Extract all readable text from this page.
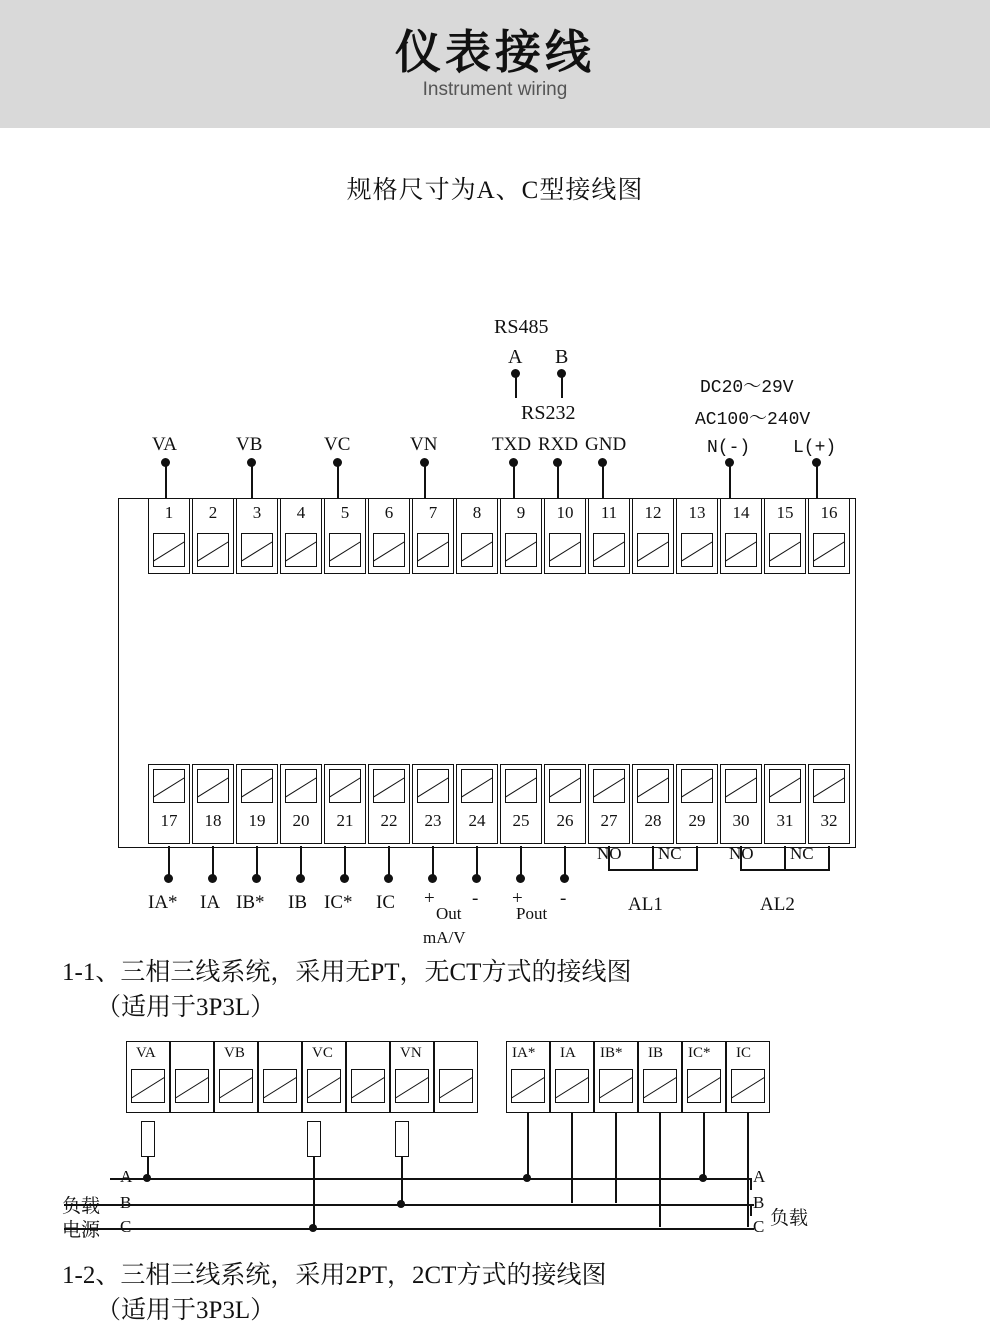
仪表接线
Instrument wiring
规格尺寸为A、C型接线图
RS485
A B
RS232
DC20～29V
AC100～240V
N(-) L(+)
VA	VB	VC	VN	TXD RXD GND
1	2	3	4	5	6	7	8	9	10	11	12	13	14	15	16
17	18	19	20	21	22	23	24	25	26	27	28	29	30	31	32
NO NC
AL1
NO NC
AL2
IA* IA IB* IB IC* IC + -
Out
mA/V
+ -
Pout
1-1、三相三线系统，采用无PT，无CT方式的接线图
（适用于3P3L）
VA	VB	VC	VN	IA* IA IB* IB IC* IC
A
B
C
A
B
C
负载
电源
负载
1-2、三相三线系统，采用2PT，2CT方式的接线图
（适用于3P3L）
